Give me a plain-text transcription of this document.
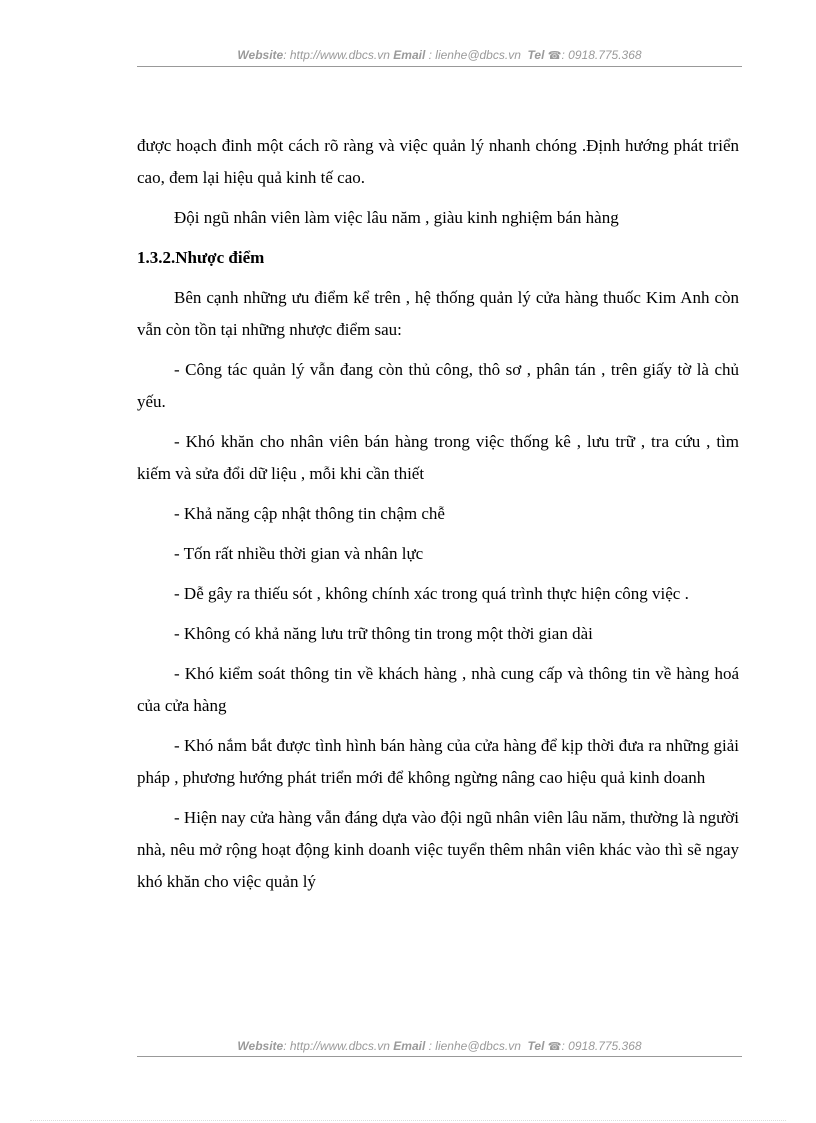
Website: http://www.dbcs.vn Email : lienhe@dbcs.vn Tel ☎: 0918.775.368

được hoạch đinh một cách rõ ràng và việc quản lý nhanh chóng .Định hướng phát triển cao, đem lại hiệu quả kinh tế cao.

Đội ngũ nhân viên làm việc lâu năm , giàu kinh nghiệm bán hàng

1.3.2.Nhược điểm

Bên cạnh những ưu điểm kể trên , hệ thống quản lý cửa hàng thuốc Kim Anh còn vẫn còn tồn tại những nhược điểm sau:

- Công tác quản lý vẫn đang còn thủ công, thô sơ , phân tán , trên giấy tờ là chủ yếu.

- Khó khăn cho nhân viên bán hàng trong việc thống kê , lưu trữ , tra cứu , tìm kiếm và sửa đổi dữ liệu , mỗi khi cần thiết

- Khả năng cập nhật thông tin chậm chễ

- Tốn rất nhiều thời gian và nhân lực

- Dễ gây ra thiếu sót , không chính xác trong quá trình thực hiện công việc .

- Không có khả năng lưu trữ thông tin trong một thời gian dài

- Khó kiểm soát thông tin về khách hàng , nhà cung cấp và thông tin về hàng hoá của cửa hàng

- Khó nắm bắt được tình hình bán hàng của cửa hàng để kịp thời đưa ra những giải pháp , phương hướng phát triển mới để không ngừng nâng cao hiệu quả kinh doanh

- Hiện nay cửa hàng vẫn đáng dựa vào đội ngũ nhân viên lâu năm, thường là người nhà, nêu mở rộng hoạt động kinh doanh việc tuyển thêm nhân viên khác vào thì sẽ ngay khó khăn cho việc quản lý

Website: http://www.dbcs.vn Email : lienhe@dbcs.vn Tel ☎: 0918.775.368
